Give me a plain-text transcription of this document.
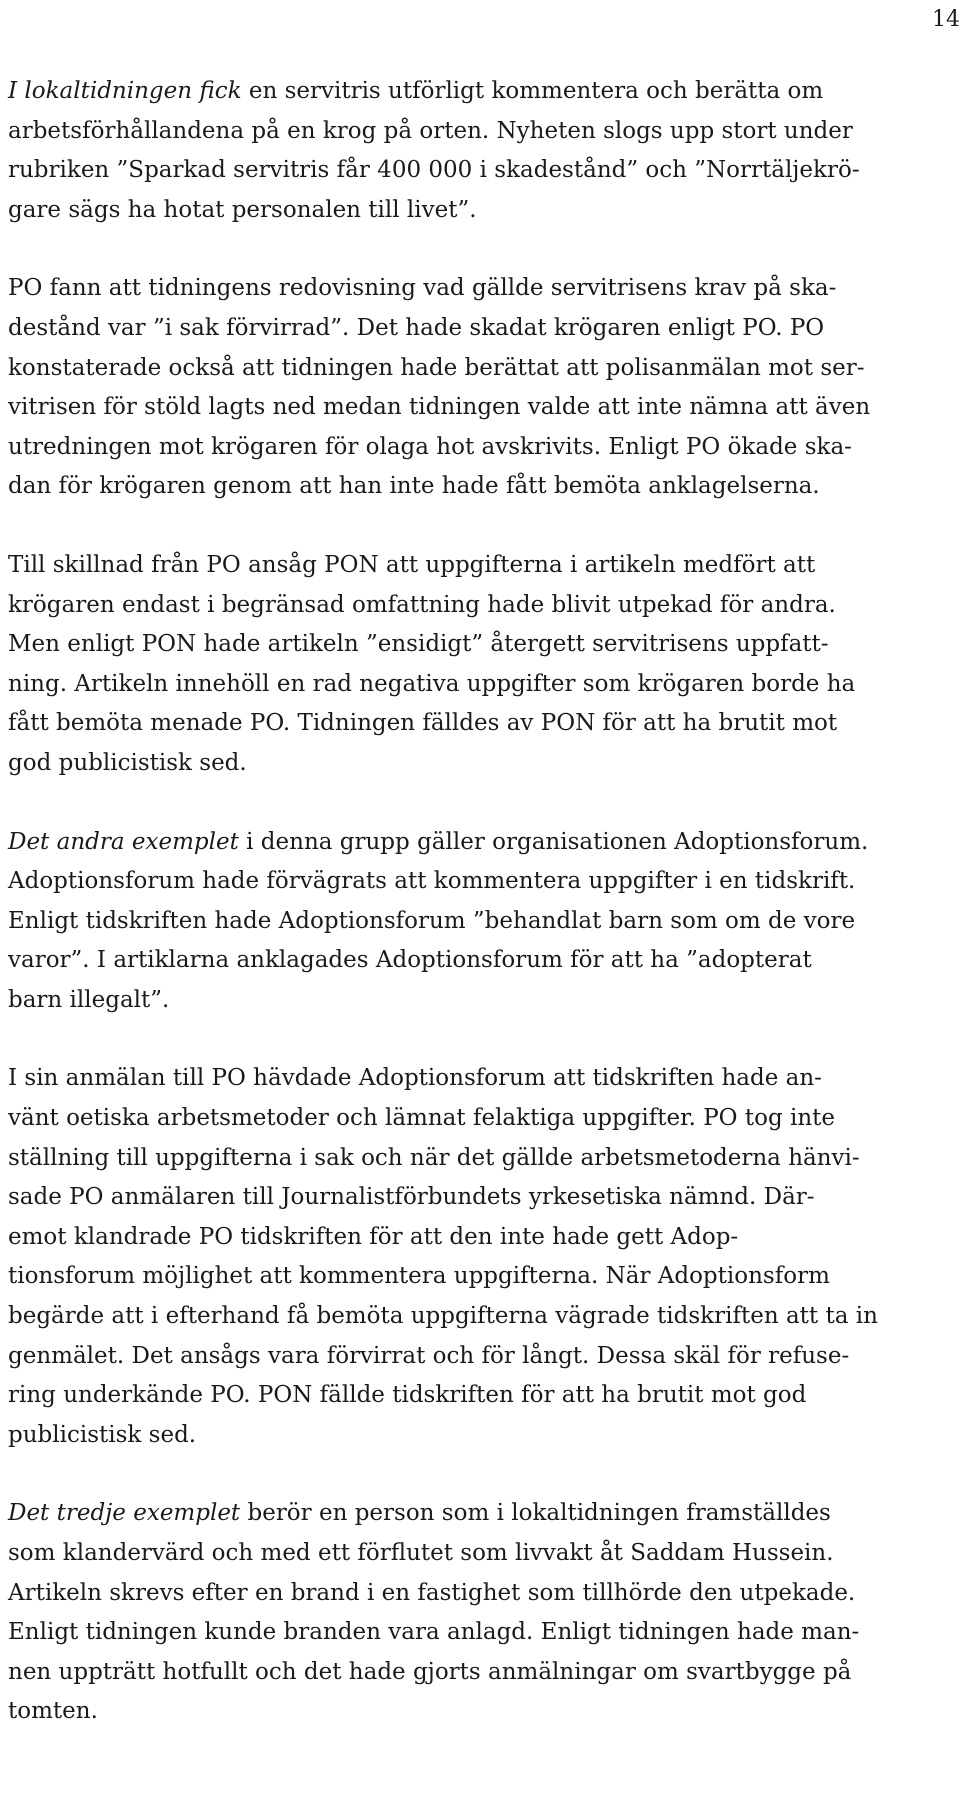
14

I lokaltidningen fick en servitris utförligt kommentera och berätta om
arbetsförhållandena på en krog på orten. Nyheten slogs upp stort under
rubriken ”Sparkad servitris får 400 000 i skadestånd” och ”Norrtäljekrö-
gare sägs ha hotat personalen till livet”.

PO fann att tidningens redovisning vad gällde servitrisens krav på ska-
destånd var ”i sak förvirrad”. Det hade skadat krögaren enligt PO. PO
konstaterade också att tidningen hade berättat att polisanmälan mot ser-
vitrisen för stöld lagts ned medan tidningen valde att inte nämna att även
utredningen mot krögaren för olaga hot avskrivits. Enligt PO ökade ska-
dan för krögaren genom att han inte hade fått bemöta anklagelserna.

Till skillnad från PO ansåg PON att uppgifterna i artikeln medfört att
krögaren endast i begränsad omfattning hade blivit utpekad för andra.
Men enligt PON hade artikeln ”ensidigt” återgett servitrisens uppfatt-
ning. Artikeln innehöll en rad negativa uppgifter som krögaren borde ha
fått bemöta menade PO. Tidningen fälldes av PON för att ha brutit mot
god publicistisk sed.

Det andra exemplet i denna grupp gäller organisationen Adoptionsforum.
Adoptionsforum hade förvägrats att kommentera uppgifter i en tidskrift.
Enligt tidskriften hade Adoptionsforum ”behandlat barn som om de vore
varor”. I artiklarna anklagades Adoptionsforum för att ha ”adopterat
barn illegalt”.

I sin anmälan till PO hävdade Adoptionsforum att tidskriften hade an-
vänt oetiska arbetsmetoder och lämnat felaktiga uppgifter. PO tog inte
ställning till uppgifterna i sak och när det gällde arbetsmetoderna hänvi-
sade PO anmälaren till Journalistförbundets yrkesetiska nämnd. Där-
emot klandrade PO tidskriften för att den inte hade gett Adop-
tionsforum möjlighet att kommentera uppgifterna. När Adoptionsform
begärde att i efterhand få bemöta uppgifterna vägrade tidskriften att ta in
genmälet. Det ansågs vara förvirrat och för långt. Dessa skäl för refuse-
ring underkände PO. PON fällde tidskriften för att ha brutit mot god
publicistisk sed.

Det tredje exemplet berör en person som i lokaltidningen framställdes
som klandervärd och med ett förflutet som livvakt åt Saddam Hussein.
Artikeln skrevs efter en brand i en fastighet som tillhörde den utpekade.
Enligt tidningen kunde branden vara anlagd. Enligt tidningen hade man-
nen uppträtt hotfullt och det hade gjorts anmälningar om svartbygge på
tomten.
